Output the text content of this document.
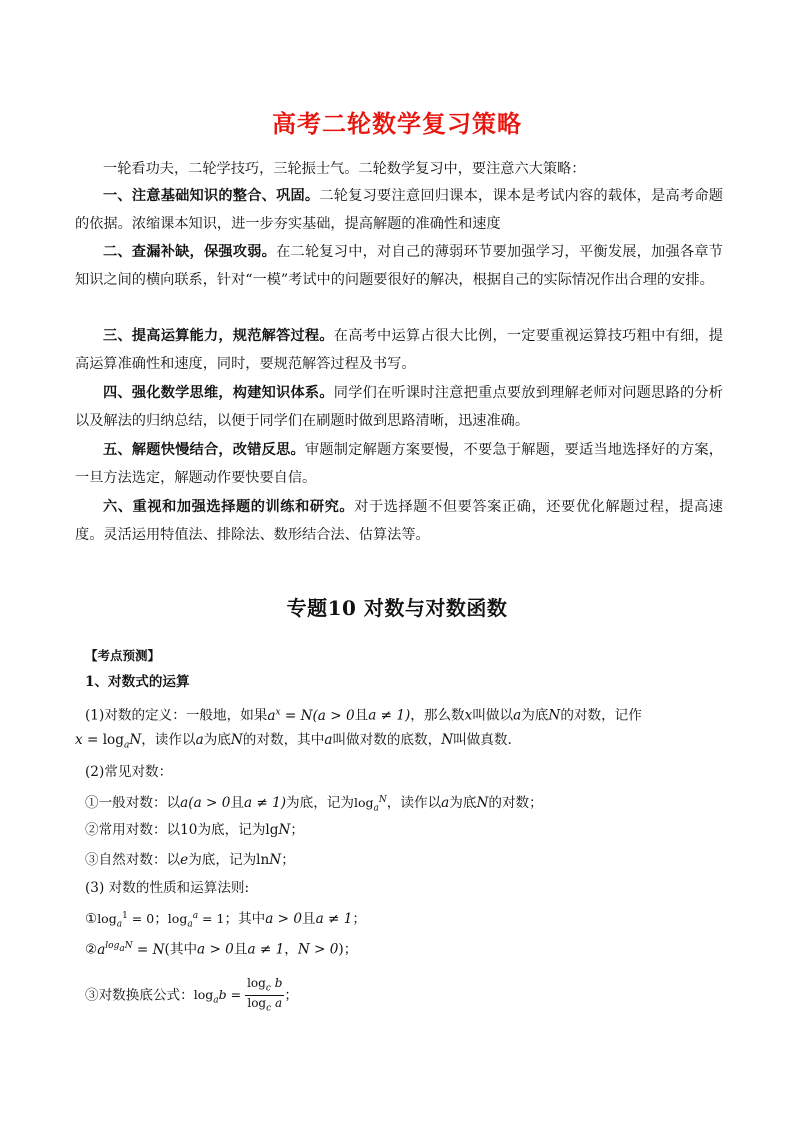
高考二轮数学复习策略
一轮看功夫，二轮学技巧，三轮振士气。二轮数学复习中，要注意六大策略：
一、注意基础知识的整合、巩固。二轮复习要注意回归课本，课本是考试内容的载体，是高考命题的依据。浓缩课本知识，进一步夯实基础，提高解题的准确性和速度
二、查漏补缺，保强攻弱。在二轮复习中，对自己的薄弱环节要加强学习，平衡发展，加强各章节知识之间的横向联系，针对“一模”考试中的问题要很好的解决，根据自己的实际情况作出合理的安排。
三、提高运算能力，规范解答过程。在高考中运算占很大比例，一定要重视运算技巧粗中有细，提高运算准确性和速度，同时，要规范解答过程及书写。
四、强化数学思维，构建知识体系。同学们在听课时注意把重点要放到理解老师对问题思路的分析以及解法的归纳总结，以便于同学们在刷题时做到思路清晰，迅速准确。
五、解题快慢结合，改错反思。审题制定解题方案要慢，不要急于解题，要适当地选择好的方案，一旦方法选定，解题动作要快要自信。
六、重视和加强选择题的训练和研究。对于选择题不但要答案正确，还要优化解题过程，提高速度。灵活运用特值法、排除法、数形结合法、估算法等。
专题10 对数与对数函数
【考点预测】
1、对数式的运算
(1)对数的定义：一般地，如果$a^x = N(a > 0$且a ≠ 1)，那么数x叫做以a为底N的对数，记作
$x = \log_aN$，读作以a为底N的对数，其中a叫做对数的底数，N叫做真数.
(2)常见对数：
①一般对数：以a(a > 0且a ≠ 1)为底，记为$\log_a^N$，读作以a为底N的对数；
②常用对数：以10为底，记为lgN；
③自然对数：以e为底，记为lnN；
(3) 对数的性质和运算法则:
$①\log_a^1 = 0$；$\log_a^a = 1$；其中a > 0且a ≠ 1；
$②a^{log_aN} = N$(其中a > 0且a ≠ 1，N > 0)；
③对数换底公式：$\log_ab = \frac{\log_c b}{\log_c a}$ ；
